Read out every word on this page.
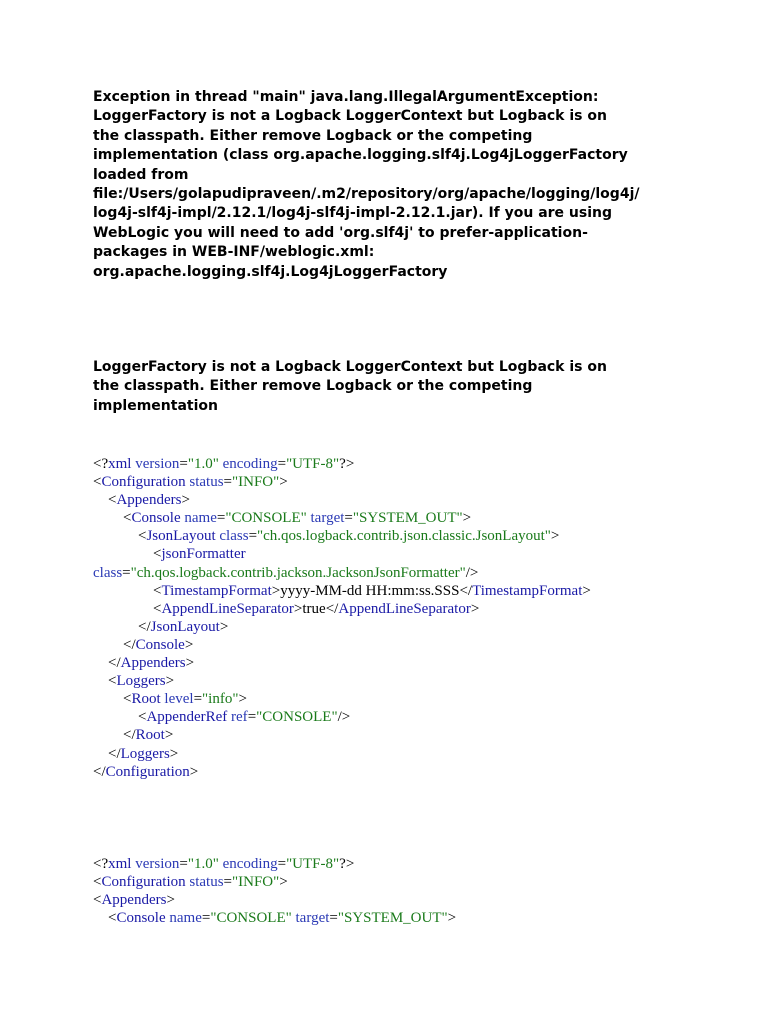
Exception in thread "main" java.lang.IllegalArgumentException:
LoggerFactory is not a Logback LoggerContext but Logback is on
the classpath. Either remove Logback or the competing
implementation (class org.apache.logging.slf4j.Log4jLoggerFactory
loaded from
file:/Users/golapudipraveen/.m2/repository/org/apache/logging/log4j/
log4j-slf4j-impl/2.12.1/log4j-slf4j-impl-2.12.1.jar). If you are using
WebLogic you will need to add 'org.slf4j' to prefer-application-
packages in WEB-INF/weblogic.xml:
org.apache.logging.slf4j.Log4jLoggerFactory
LoggerFactory is not a Logback LoggerContext but Logback is on
the classpath. Either remove Logback or the competing
implementation
<?xml version="1.0" encoding="UTF-8"?>
<Configuration status="INFO">
<Appenders>
<Console name="CONSOLE" target="SYSTEM_OUT">
<JsonLayout class="ch.qos.logback.contrib.json.classic.JsonLayout">
<jsonFormatter
class="ch.qos.logback.contrib.jackson.JacksonJsonFormatter"/>
<TimestampFormat>yyyy-MM-dd HH:mm:ss.SSS</TimestampFormat>
<AppendLineSeparator>true</AppendLineSeparator>
</JsonLayout>
</Console>
</Appenders>
<Loggers>
<Root level="info">
<AppenderRef ref="CONSOLE"/>
</Root>
</Loggers>
</Configuration>
<?xml version="1.0" encoding="UTF-8"?>
<Configuration status="INFO">
<Appenders>
<Console name="CONSOLE" target="SYSTEM_OUT">
